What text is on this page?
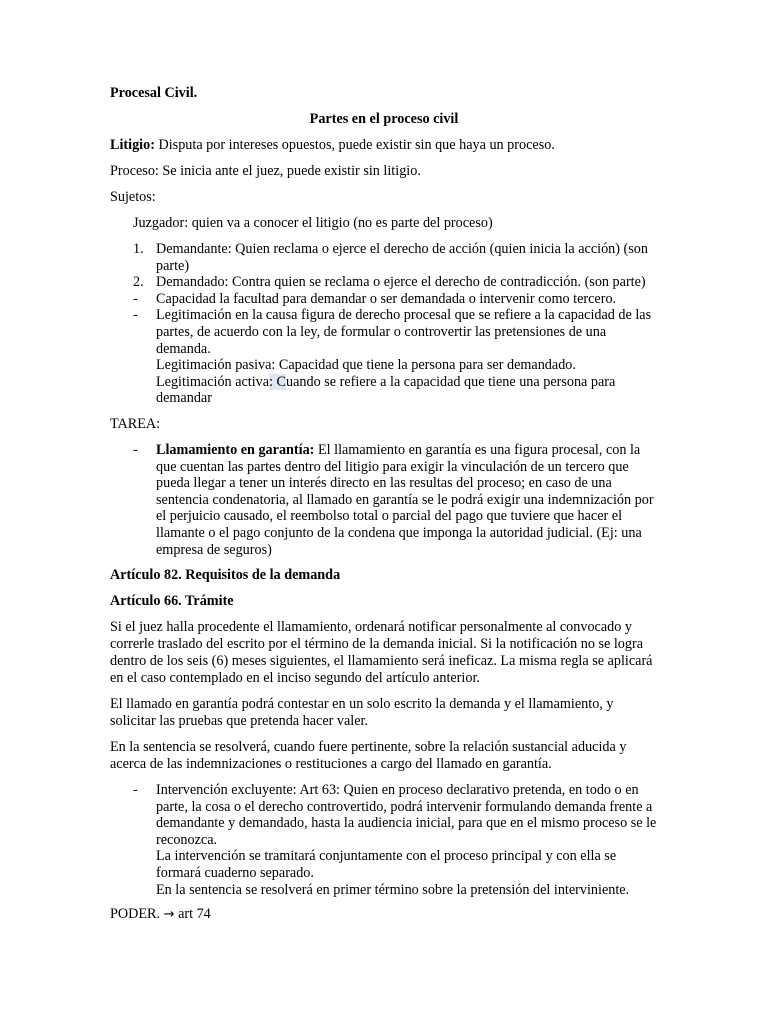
Procesal Civil.

Partes en el proceso civil

Litigio: Disputa por intereses opuestos, puede existir sin que haya un proceso.

Proceso: Se inicia ante el juez, puede existir sin litigio.

Sujetos:

Juzgador: quien va a conocer el litigio (no es parte del proceso)

1. Demandante: Quien reclama o ejerce el derecho de acción (quien inicia la acción) (son parte)
2. Demandado: Contra quien se reclama o ejerce el derecho de contradicción. (son parte)
- Capacidad la facultad para demandar o ser demandada o intervenir como tercero.
- Legitimación en la causa figura de derecho procesal que se refiere a la capacidad de las partes, de acuerdo con la ley, de formular o controvertir las pretensiones de una demanda.
Legitimación pasiva: Capacidad que tiene la persona para ser demandado.
Legitimación activa: Cuando se refiere a la capacidad que tiene una persona para demandar

TAREA:

- Llamamiento en garantía: El llamamiento en garantía es una figura procesal, con la que cuentan las partes dentro del litigio para exigir la vinculación de un tercero que pueda llegar a tener un interés directo en las resultas del proceso; en caso de una sentencia condenatoria, al llamado en garantía se le podrá exigir una indemnización por el perjuicio causado, el reembolso total o parcial del pago que tuviere que hacer el llamante o el pago conjunto de la condena que imponga la autoridad judicial. (Ej: una empresa de seguros)

Artículo 82. Requisitos de la demanda

Artículo 66. Trámite

Si el juez halla procedente el llamamiento, ordenará notificar personalmente al convocado y correrle traslado del escrito por el término de la demanda inicial. Si la notificación no se logra dentro de los seis (6) meses siguientes, el llamamiento será ineficaz. La misma regla se aplicará en el caso contemplado en el inciso segundo del artículo anterior.

El llamado en garantía podrá contestar en un solo escrito la demanda y el llamamiento, y solicitar las pruebas que pretenda hacer valer.

En la sentencia se resolverá, cuando fuere pertinente, sobre la relación sustancial aducida y acerca de las indemnizaciones o restituciones a cargo del llamado en garantía.

- Intervención excluyente: Art 63: Quien en proceso declarativo pretenda, en todo o en parte, la cosa o el derecho controvertido, podrá intervenir formulando demanda frente a demandante y demandado, hasta la audiencia inicial, para que en el mismo proceso se le reconozca.
La intervención se tramitará conjuntamente con el proceso principal y con ella se formará cuaderno separado.
En la sentencia se resolverá en primer término sobre la pretensión del interviniente.

PODER. → art 74
